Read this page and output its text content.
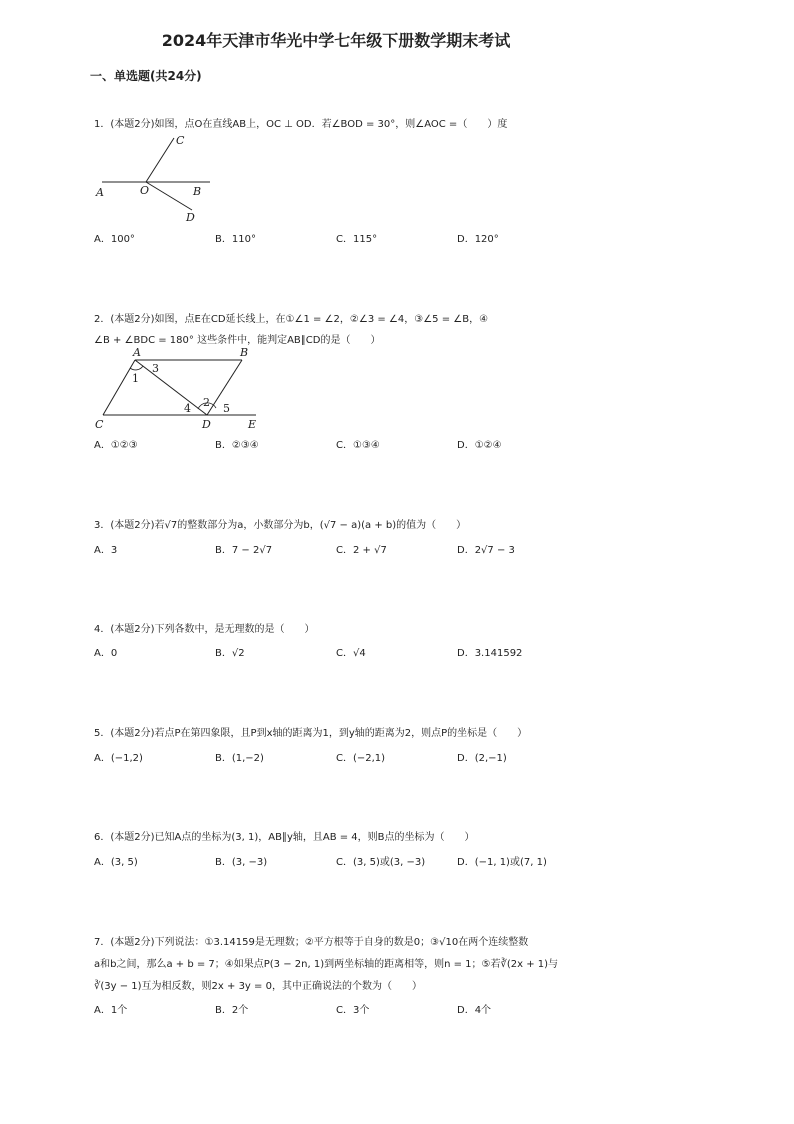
2024年天津市华光中学七年级下册数学期末考试
一、单选题(共24分)
1．(本题2分)如图，点O在直线AB上，OC ⊥ OD．若∠BOD = 30°，则∠AOC =（　　）度
A	O	B
C
D
A．100°	B．110°	C．115°	D．120°
2．(本题2分)如图，点E在CD延长线上，在①∠1 = ∠2，②∠3 = ∠4，③∠5 = ∠B，④
∠B + ∠BDC = 180° 这些条件中，能判定AB∥CD的是（　　）
A	B
C	D	E
1
2
3
4	5
A．①②③	B．②③④	C．①③④	D．①②④
3．(本题2分)若√7的整数部分为a，小数部分为b，(√7 − a)(a + b)的值为（　　）
A．3	B．7 − 2√7	C．2 + √7	D．2√7 − 3
4．(本题2分)下列各数中，是无理数的是（　　）
A．0	B．√2	C．√4	D．3.141592
5．(本题2分)若点P在第四象限，且P到x轴的距离为1，到y轴的距离为2，则点P的坐标是（　　）
A．(−1,2)	B．(1,−2)	C．(−2,1)	D．(2,−1)
6．(本题2分)已知A点的坐标为(3, 1)，AB∥y轴，且AB = 4，则B点的坐标为（　　）
A．(3, 5)	B．(3, −3)	C．(3, 5)或(3, −3)	D．(−1, 1)或(7, 1)
7．(本题2分)下列说法：①3.14159是无理数；②平方根等于自身的数是0；③√10在两个连续整数
a和b之间，那么a + b = 7；④如果点P(3 − 2n, 1)到两坐标轴的距离相等，则n = 1；⑤若∛(2x + 1)与
∛(3y − 1)互为相反数，则2x + 3y = 0，其中正确说法的个数为（　　）
A．1个	B．2个	C．3个	D．4个
